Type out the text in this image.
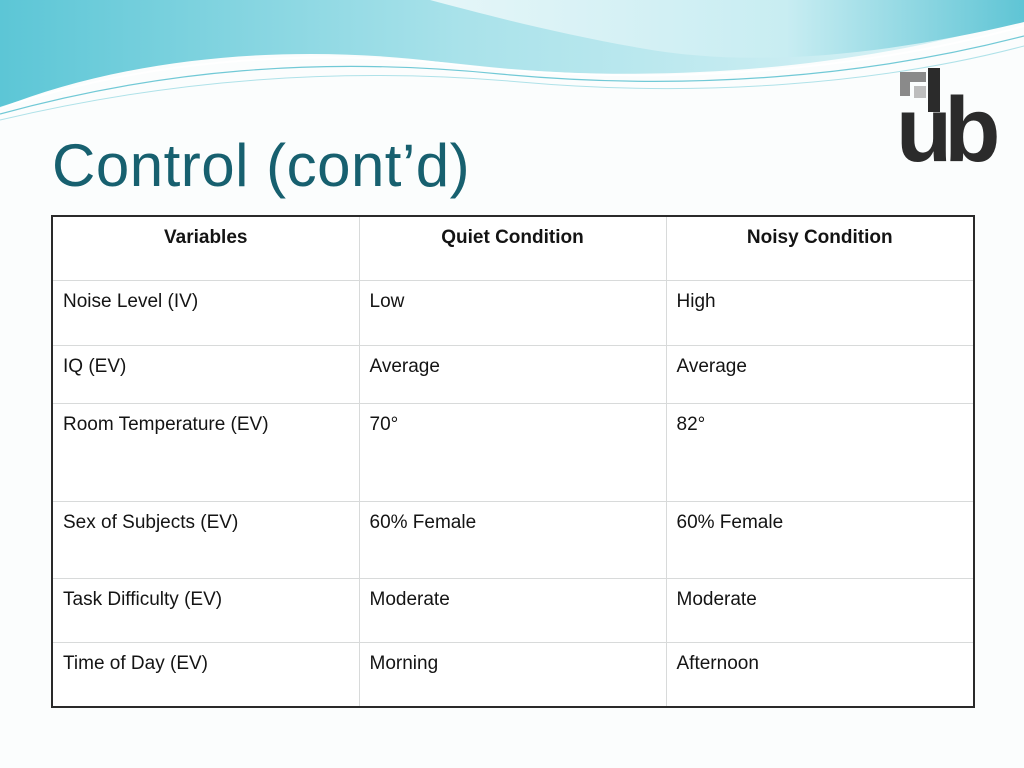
Control (cont’d)	ub
Variables	Quiet Condition	Noisy Condition
Noise Level (IV)	Low	High
IQ (EV)	Average	Average
Room Temperature (EV)	70°	82°
Sex of Subjects (EV)	60% Female	60% Female
Task Difficulty (EV)	Moderate	Moderate
Time of Day (EV)	Morning	Afternoon
